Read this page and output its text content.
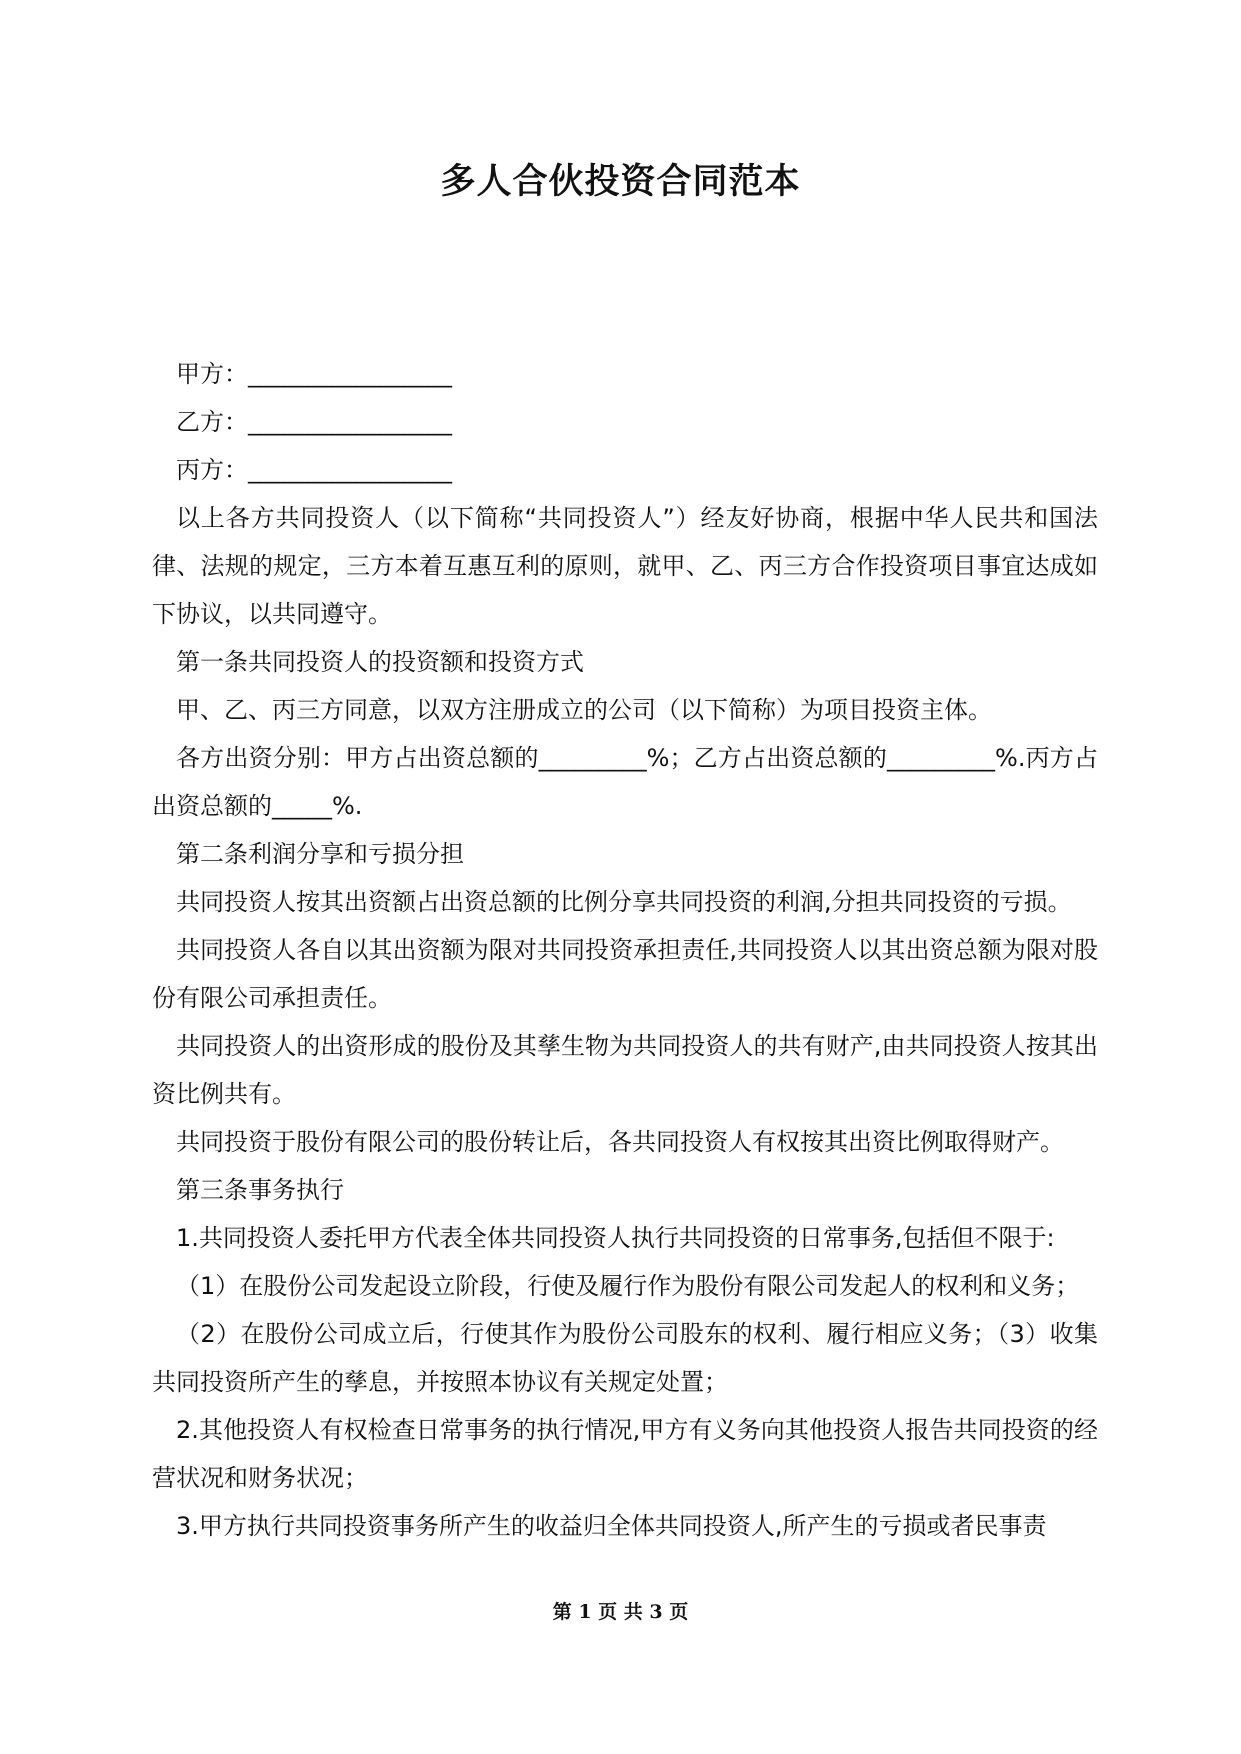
多人合伙投资合同范本

甲方：_________________

乙方：_________________

丙方：_________________

以上各方共同投资人（以下简称“共同投资人”）经友好协商，根据中华人民共和国法律、法规的规定，三方本着互惠互利的原则，就甲、乙、丙三方合作投资项目事宜达成如下协议，以共同遵守。

第一条共同投资人的投资额和投资方式

甲、乙、丙三方同意，以双方注册成立的公司（以下简称）为项目投资主体。

各方出资分别：甲方占出资总额的_________%；乙方占出资总额的_________%.丙方占出资总额的_____%.

第二条利润分享和亏损分担

共同投资人按其出资额占出资总额的比例分享共同投资的利润,分担共同投资的亏损。

共同投资人各自以其出资额为限对共同投资承担责任,共同投资人以其出资总额为限对股份有限公司承担责任。

共同投资人的出资形成的股份及其孳生物为共同投资人的共有财产,由共同投资人按其出资比例共有。

共同投资于股份有限公司的股份转让后，各共同投资人有权按其出资比例取得财产。

第三条事务执行

1.共同投资人委托甲方代表全体共同投资人执行共同投资的日常事务,包括但不限于:

（1）在股份公司发起设立阶段，行使及履行作为股份有限公司发起人的权利和义务；

（2）在股份公司成立后，行使其作为股份公司股东的权利、履行相应义务；（3）收集共同投资所产生的孳息，并按照本协议有关规定处置；

2.其他投资人有权检查日常事务的执行情况,甲方有义务向其他投资人报告共同投资的经营状况和财务状况；

3.甲方执行共同投资事务所产生的收益归全体共同投资人,所产生的亏损或者民事责

第 1 页 共 3 页
